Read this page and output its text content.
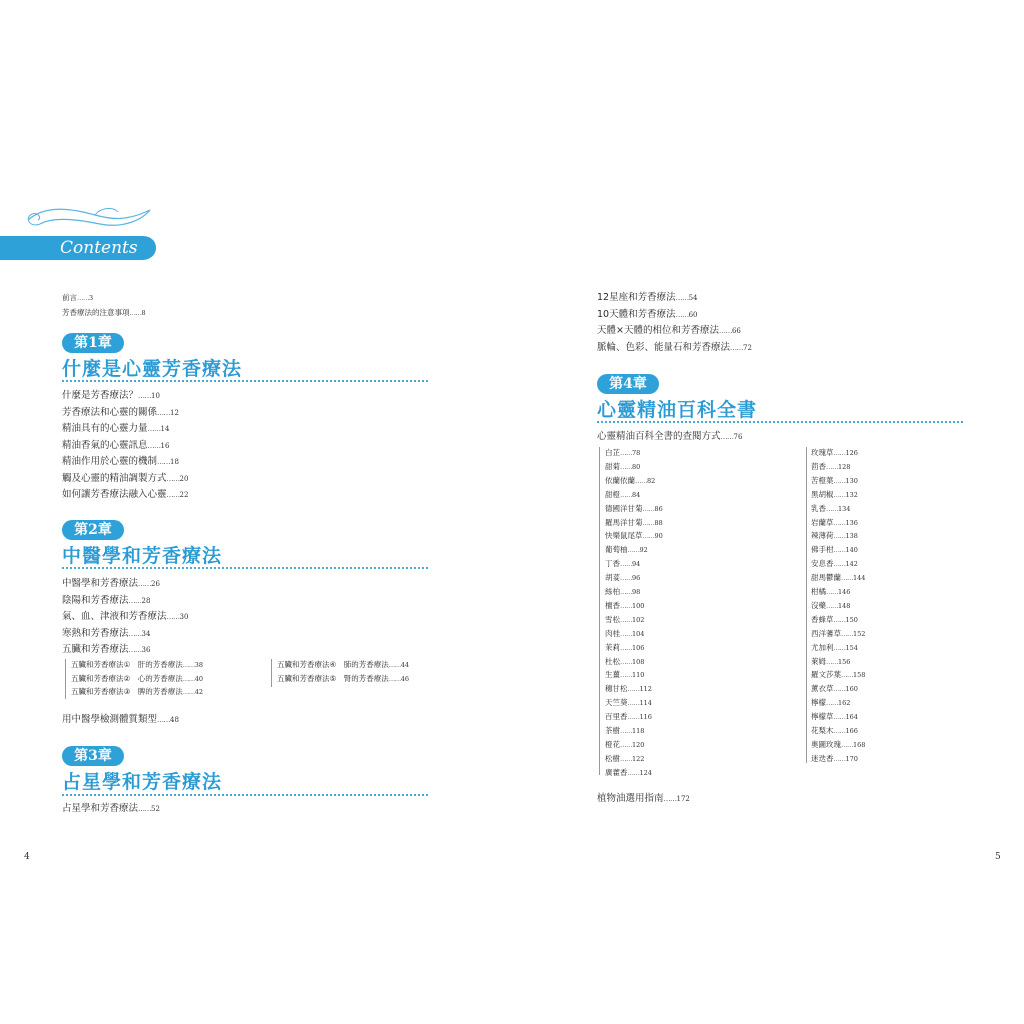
Contents
前言……3
芳香療法的注意事項……8
第1章
什麼是心靈芳香療法
什麼是芳香療法？……10
芳香療法和心靈的關係……12
精油具有的心靈力量……14
精油香氣的心靈訊息……16
精油作用於心靈的機制……18
觸及心靈的精油調製方式……20
如何讓芳香療法融入心靈……22
第2章
中醫學和芳香療法
中醫學和芳香療法……26
陰陽和芳香療法……28
氣、血、津液和芳香療法……30
寒熱和芳香療法……34
五臟和芳香療法……36
五臟和芳香療法①　肝的芳香療法……38
五臟和芳香療法②　心的芳香療法……40
五臟和芳香療法③　脾的芳香療法……42
五臟和芳香療法④　肺的芳香療法……44
五臟和芳香療法⑤　腎的芳香療法……46
用中醫學檢測體質類型……48
第3章
占星學和芳香療法
占星學和芳香療法……52
4
12星座和芳香療法……54
10天體和芳香療法……60
天體×天體的相位和芳香療法……66
脈輪、色彩、能量石和芳香療法……72
第4章
心靈精油百科全書
心靈精油百科全書的查閱方式……76
白芷……78
甜菊……80
依蘭依蘭……82
甜橙……84
德國洋甘菊……86
羅馬洋甘菊……88
快樂鼠尾草……90
葡萄柚……92
丁香……94
胡荽……96
絲柏……98
檀香……100
雪松……102
肉桂……104
茉莉……106
杜松……108
生薑……110
穗甘松……112
天竺葵……114
百里香……116
茶樹……118
橙花……120
松樹……122
廣藿香……124
玫瑰草……126
茴香……128
苦橙葉……130
黑胡椒……132
乳香……134
岩蘭草……136
辣薄荷……138
佛手柑……140
安息香……142
甜馬鬱蘭……144
柑橘……146
沒藥……148
香蜂草……150
西洋蓍草……152
尤加利……154
萊姆……156
羅文莎葉……158
薰衣草……160
檸檬……162
檸檬草……164
花梨木……166
奧圖玫瑰……168
迷迭香……170
植物油選用指南……172
5
